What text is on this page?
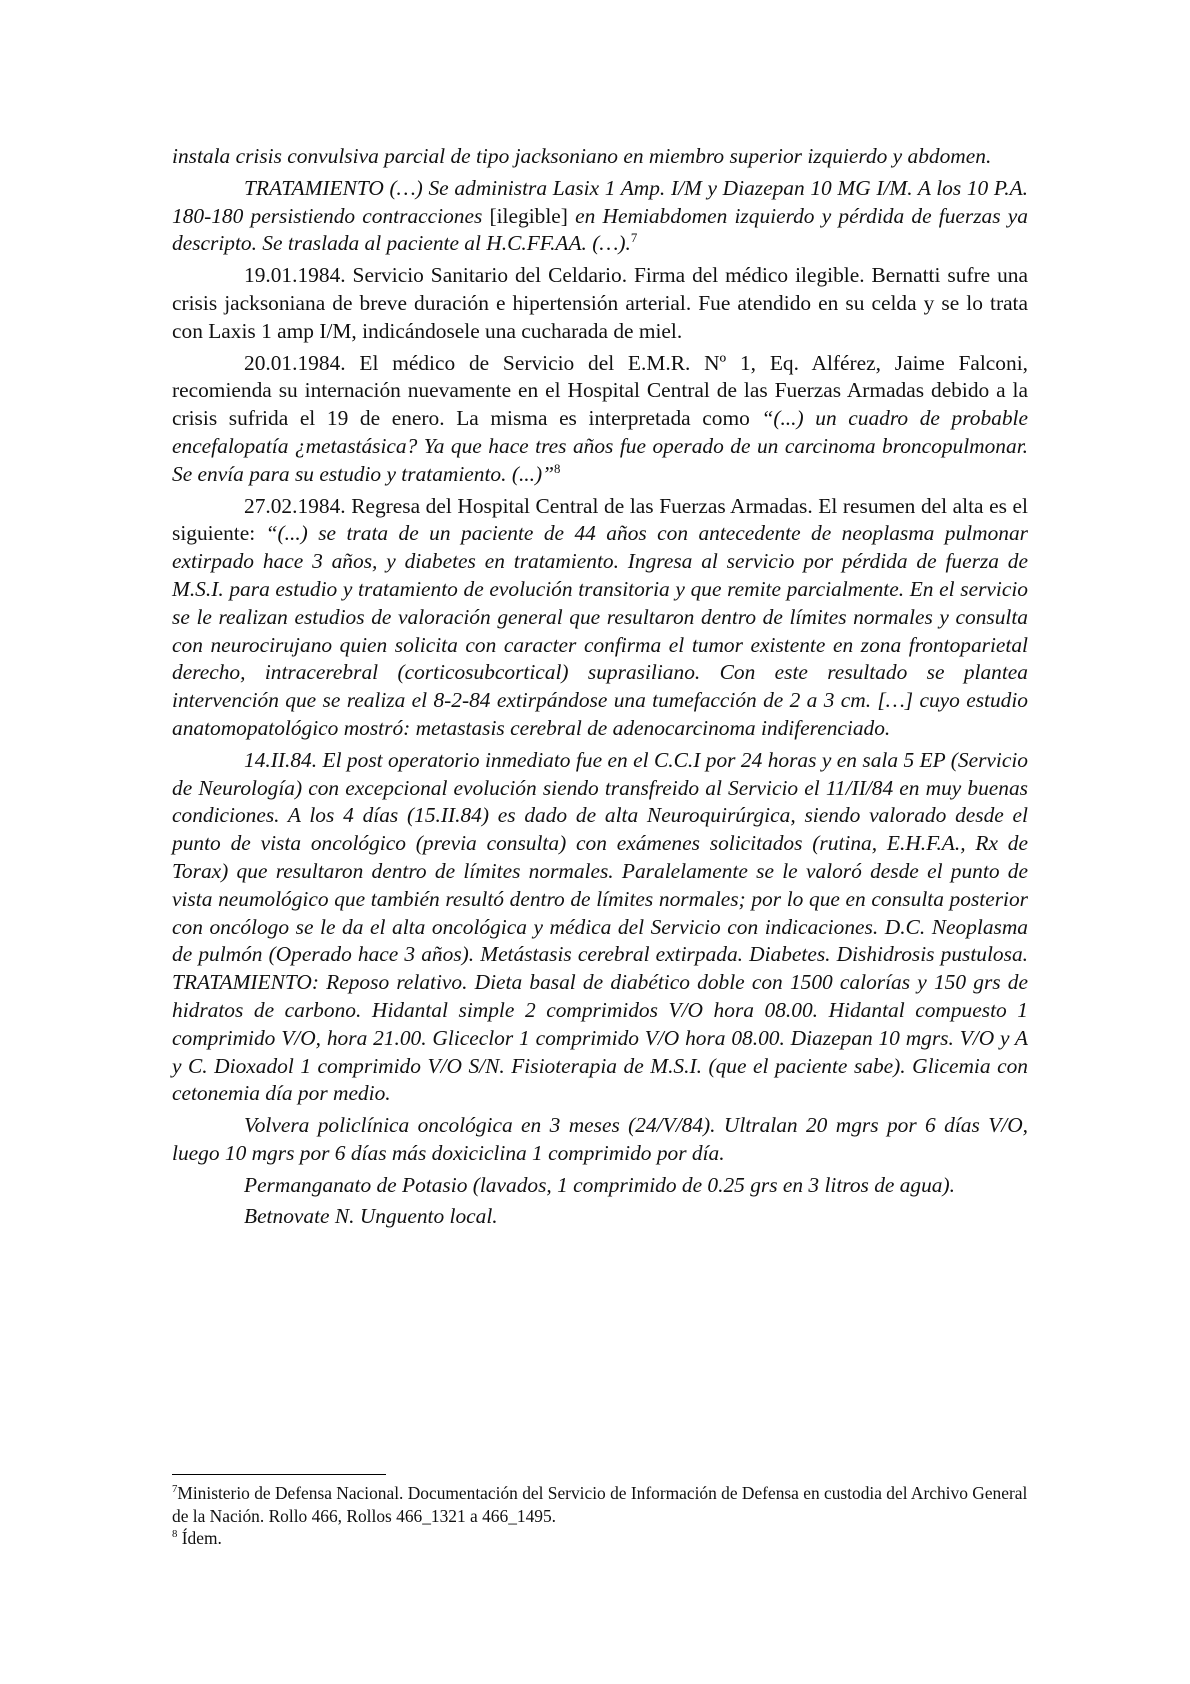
instala crisis convulsiva parcial de tipo jacksoniano en miembro superior izquierdo y abdomen.

TRATAMIENTO (…) Se administra Lasix 1 Amp. I/M y Diazepan 10 MG I/M. A los 10 P.A. 180-180 persistiendo contracciones [ilegible] en Hemiabdomen izquierdo y pérdida de fuerzas ya descripto. Se traslada al paciente al H.C.FF.AA. (…).$^7$

19.01.1984. Servicio Sanitario del Celdario. Firma del médico ilegible. Bernatti sufre una crisis jacksoniana de breve duración e hipertensión arterial. Fue atendido en su celda y se lo trata con Laxis 1 amp I/M, indicándosele una cucharada de miel.

20.01.1984. El médico de Servicio del E.M.R. Nº 1, Eq. Alférez, Jaime Falconi, recomienda su internación nuevamente en el Hospital Central de las Fuerzas Armadas debido a la crisis sufrida el 19 de enero. La misma es interpretada como “(...) un cuadro de probable encefalopatía ¿metastásica? Ya que hace tres años fue operado de un carcinoma broncopulmonar. Se envía para su estudio y tratamiento. (...)”$^8$

27.02.1984. Regresa del Hospital Central de las Fuerzas Armadas. El resumen del alta es el siguiente: “(...) se trata de un paciente de 44 años con antecedente de neoplasma pulmonar extirpado hace 3 años, y diabetes en tratamiento. Ingresa al servicio por pérdida de fuerza de M.S.I. para estudio y tratamiento de evolución transitoria y que remite parcialmente. En el servicio se le realizan estudios de valoración general que resultaron dentro de límites normales y consulta con neurocirujano quien solicita con caracter confirma el tumor existente en zona frontoparietal derecho, intracerebral (corticosubcortical) suprasiliano. Con este resultado se plantea intervención que se realiza el 8-2-84 extirpándose una tumefacción de 2 a 3 cm. […] cuyo estudio anatomopatológico mostró: metastasis cerebral de adenocarcinoma indiferenciado.

14.II.84. El post operatorio inmediato fue en el C.C.I por 24 horas y en sala 5 EP (Servicio de Neurología) con excepcional evolución siendo transfreido al Servicio el 11/II/84 en muy buenas condiciones. A los 4 días (15.II.84) es dado de alta Neuroquirúrgica, siendo valorado desde el punto de vista oncológico (previa consulta) con exámenes solicitados (rutina, E.H.F.A., Rx de Torax) que resultaron dentro de límites normales. Paralelamente se le valoró desde el punto de vista neumológico que también resultó dentro de límites normales; por lo que en consulta posterior con oncólogo se le da el alta oncológica y médica del Servicio con indicaciones. D.C. Neoplasma de pulmón (Operado hace 3 años). Metástasis cerebral extirpada. Diabetes. Dishidrosis pustulosa. TRATAMIENTO: Reposo relativo. Dieta basal de diabético doble con 1500 calorías y 150 grs de hidratos de carbono. Hidantal simple 2 comprimidos V/O hora 08.00. Hidantal compuesto 1 comprimido V/O, hora 21.00. Gliceclor 1 comprimido V/O hora 08.00. Diazepan 10 mgrs. V/O y A y C. Dioxadol 1 comprimido V/O S/N. Fisioterapia de M.S.I. (que el paciente sabe). Glicemia con cetonemia día por medio.

Volvera policlínica oncológica en 3 meses (24/V/84). Ultralan 20 mgrs por 6 días V/O, luego 10 mgrs por 6 días más doxiciclina 1 comprimido por día.

Permanganato de Potasio (lavados, 1 comprimido de 0.25 grs en 3 litros de agua).

Betnovate N. Unguento local.

$^7$Ministerio de Defensa Nacional. Documentación del Servicio de Información de Defensa en custodia del Archivo General de la Nación. Rollo 466, Rollos 466_1321 a 466_1495.

$^8$ Ídem.
